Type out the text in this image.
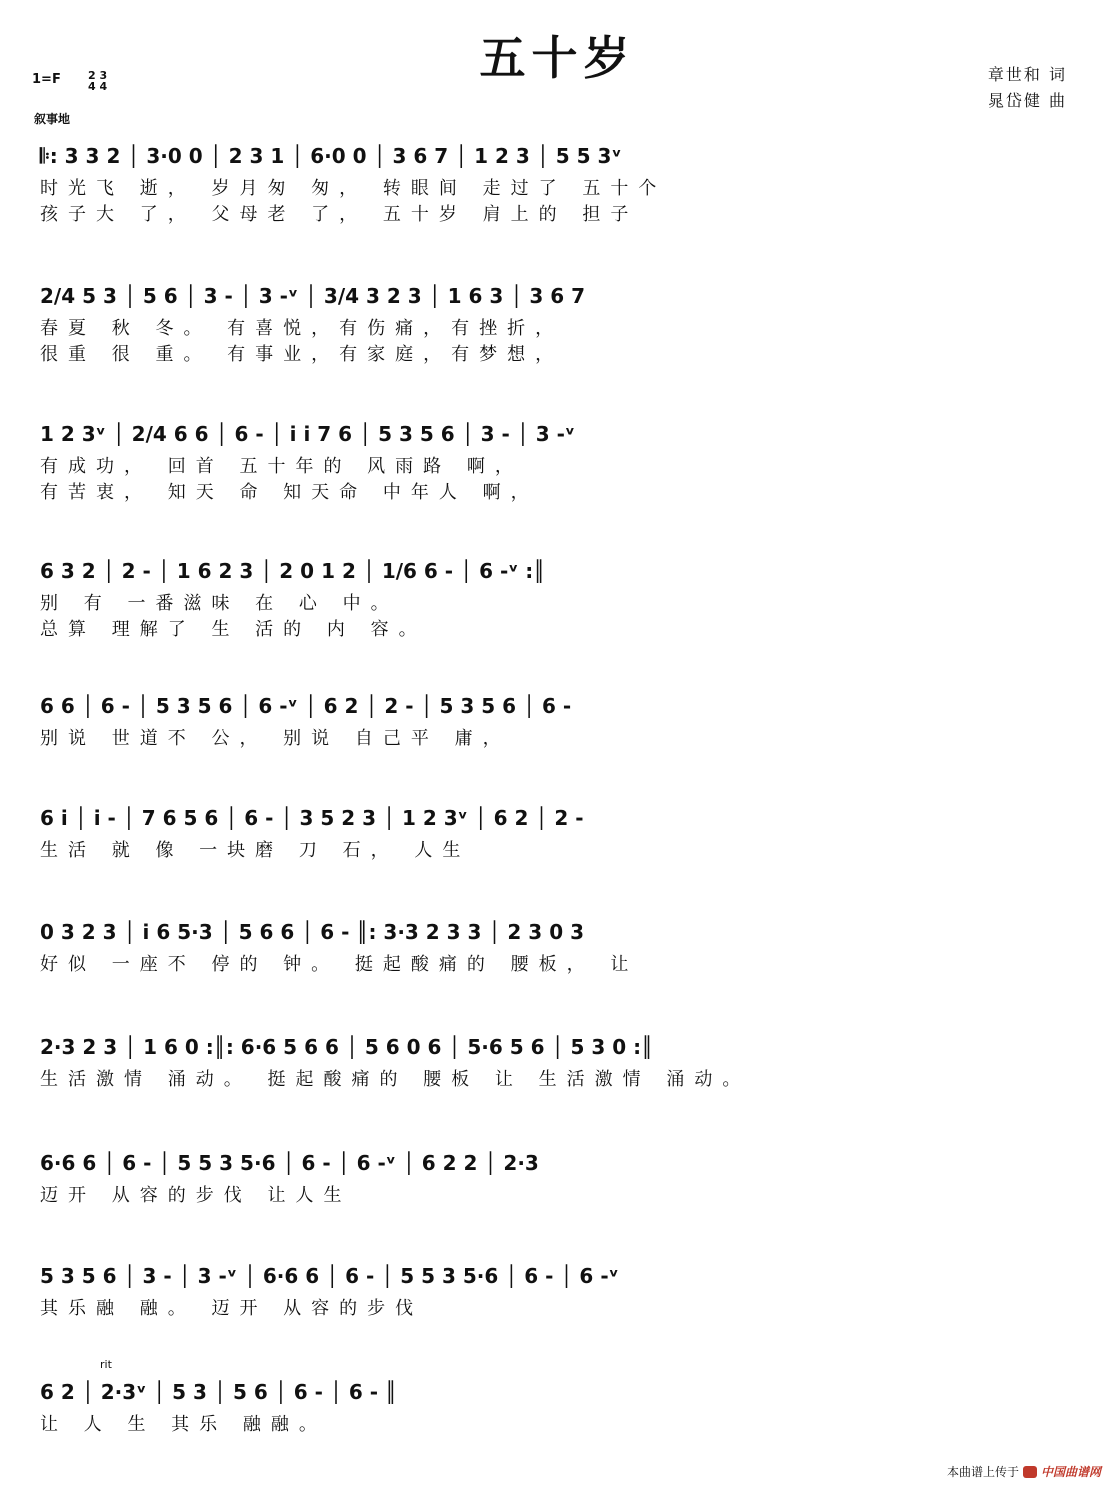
五十岁	章世和 词
晁岱健 曲
1=F 2 3
4 4
叙事地
𝄆: 3 3 2 │ 3·0 0 │ 2 3 1 │ 6·0 0 │ 3 6 7 │ 1 2 3 │ 5 5 3ᵛ
时光飞 逝， 岁月匆 匆， 转眼间 走过了 五十个
孩子大 了， 父母老 了， 五十岁 肩上的 担子
2/4 5 3 │ 5 6 │ 3 - │ 3 -ᵛ │ 3/4 3 2 3 │ 1 6 3 │ 3 6 7
春夏 秋 冬。 有喜悦，有伤痛，有挫折，
很重 很 重。 有事业，有家庭，有梦想，
1 2 3ᵛ │ 2/4 6 6 │ 6 - │ i i 7 6 │ 5 3 5 6 │ 3 - │ 3 -ᵛ
有成功， 回首 五十年的 风雨路 啊，
有苦衷， 知天 命 知天命 中年人 啊，
6 3 2 │ 2 - │ 1 6 2 3 │ 2 0 1 2 │ 1/6 6 - │ 6 -ᵛ :║
别 有 一番滋味 在 心 中。
总算 理解了 生 活的 内 容。
6 6 │ 6 - │ 5 3 5 6 │ 6 -ᵛ │ 6 2 │ 2 - │ 5 3 5 6 │ 6 -
别说 世道不 公， 别说 自己平 庸，
6 i │ i - │ 7 6 5 6 │ 6 - │ 3 5 2 3 │ 1 2 3ᵛ │ 6 2 │ 2 -
生活 就 像 一块磨 刀 石， 人生
0 3 2 3 │ i 6 5·3 │ 5 6 6 │ 6 - ║: 3·3 2 3 3 │ 2 3 0 3
好似 一座不 停的 钟。 挺起酸痛的 腰板， 让
2·3 2 3 │ 1 6 0 :║: 6·6 5 6 6 │ 5 6 0 6 │ 5·6 5 6 │ 5 3 0 :║
生活激情 涌动。 挺起酸痛的 腰板 让 生活激情 涌动。
6·6 6 │ 6 - │ 5 5 3 5·6 │ 6 - │ 6 -ᵛ │ 6 2 2 │ 2·3
迈开 从容的步伐 让人生
5 3 5 6 │ 3 - │ 3 -ᵛ │ 6·6 6 │ 6 - │ 5 5 3 5·6 │ 6 - │ 6 -ᵛ
其乐融 融。 迈开 从容的步伐
rit
6 2 │ 2·3ᵛ │ 5 3 │ 5 6 │ 6 - │ 6 - ║
让 人 生 其乐 融融。
本曲谱上传于 中国曲谱网
